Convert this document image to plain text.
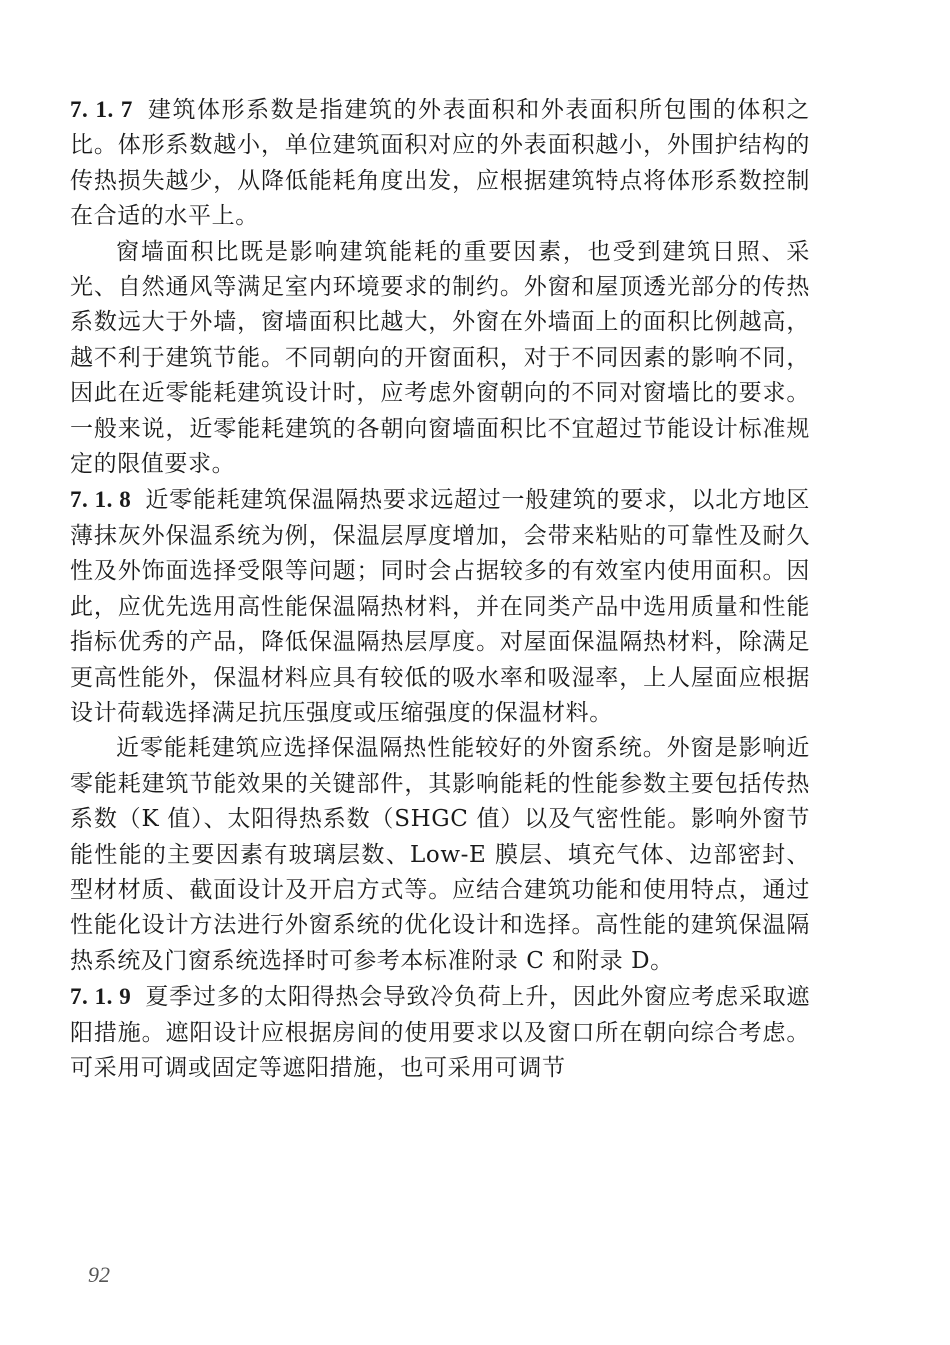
7. 1. 7 建筑体形系数是指建筑的外表面积和外表面积所包围的体积之比。体形系数越小，单位建筑面积对应的外表面积越小，外围护结构的传热损失越少，从降低能耗角度出发，应根据建筑特点将体形系数控制在合适的水平上。

窗墙面积比既是影响建筑能耗的重要因素，也受到建筑日照、采光、自然通风等满足室内环境要求的制约。外窗和屋顶透光部分的传热系数远大于外墙，窗墙面积比越大，外窗在外墙面上的面积比例越高，越不利于建筑节能。不同朝向的开窗面积，对于不同因素的影响不同，因此在近零能耗建筑设计时，应考虑外窗朝向的不同对窗墙比的要求。一般来说，近零能耗建筑的各朝向窗墙面积比不宜超过节能设计标准规定的限值要求。

7. 1. 8 近零能耗建筑保温隔热要求远超过一般建筑的要求，以北方地区薄抹灰外保温系统为例，保温层厚度增加，会带来粘贴的可靠性及耐久性及外饰面选择受限等问题；同时会占据较多的有效室内使用面积。因此，应优先选用高性能保温隔热材料，并在同类产品中选用质量和性能指标优秀的产品，降低保温隔热层厚度。对屋面保温隔热材料，除满足更高性能外，保温材料应具有较低的吸水率和吸湿率，上人屋面应根据设计荷载选择满足抗压强度或压缩强度的保温材料。

近零能耗建筑应选择保温隔热性能较好的外窗系统。外窗是影响近零能耗建筑节能效果的关键部件，其影响能耗的性能参数主要包括传热系数（K 值）、太阳得热系数（SHGC 值）以及气密性能。影响外窗节能性能的主要因素有玻璃层数、Low-E 膜层、填充气体、边部密封、型材材质、截面设计及开启方式等。应结合建筑功能和使用特点，通过性能化设计方法进行外窗系统的优化设计和选择。高性能的建筑保温隔热系统及门窗系统选择时可参考本标准附录 C 和附录 D。

7. 1. 9 夏季过多的太阳得热会导致冷负荷上升，因此外窗应考虑采取遮阳措施。遮阳设计应根据房间的使用要求以及窗口所在朝向综合考虑。可采用可调或固定等遮阳措施，也可采用可调节

92
